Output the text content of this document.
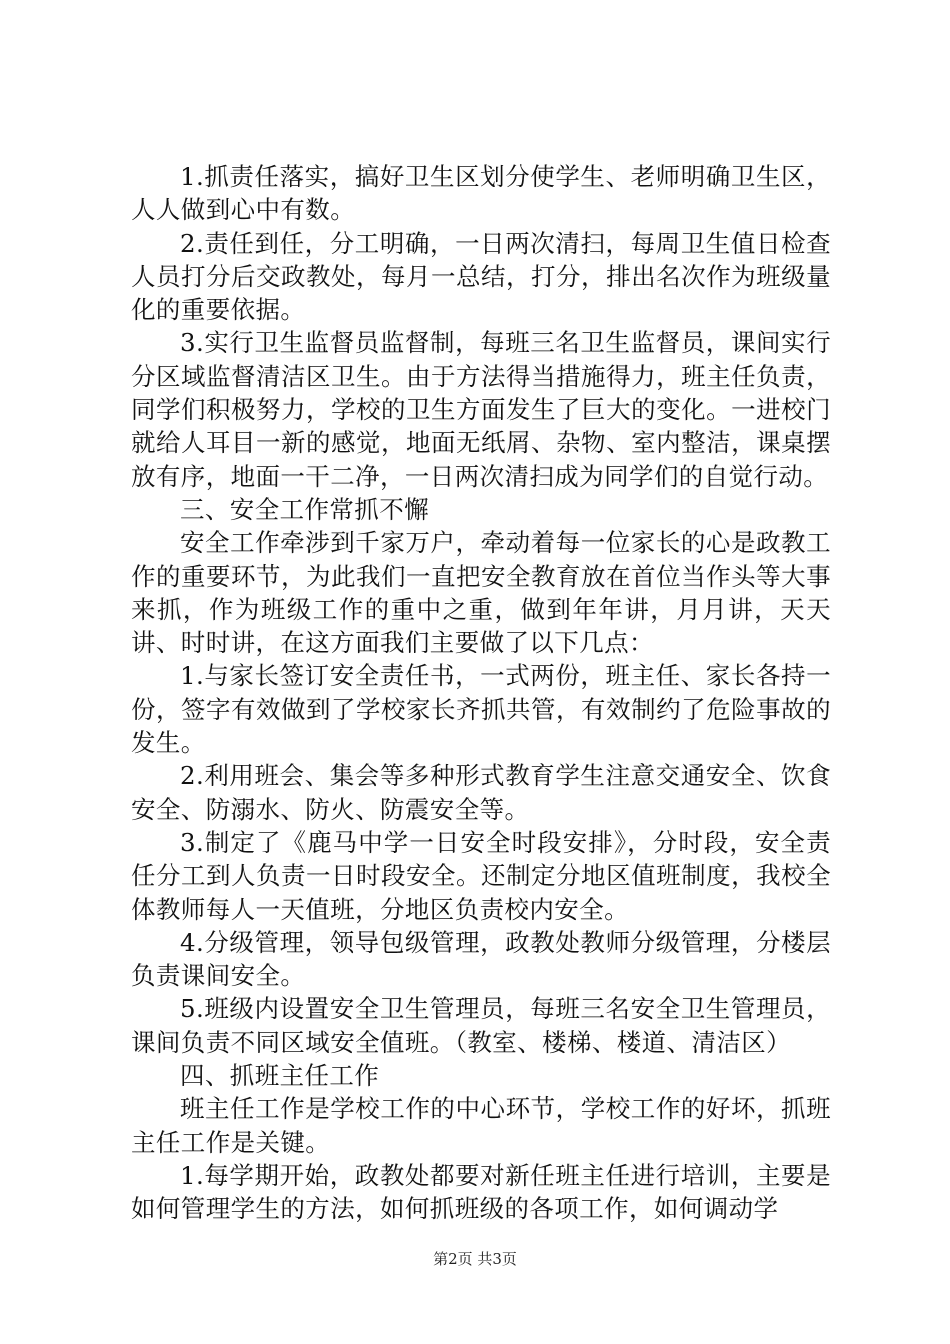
1.抓责任落实，搞好卫生区划分使学生、老师明确卫生区，人人做到心中有数。

2.责任到任，分工明确，一日两次清扫，每周卫生值日检查人员打分后交政教处，每月一总结，打分，排出名次作为班级量化的重要依据。

3.实行卫生监督员监督制，每班三名卫生监督员，课间实行分区域监督清洁区卫生。由于方法得当措施得力，班主任负责，同学们积极努力，学校的卫生方面发生了巨大的变化。一进校门就给人耳目一新的感觉，地面无纸屑、杂物、室内整洁，课桌摆放有序，地面一干二净，一日两次清扫成为同学们的自觉行动。

三、安全工作常抓不懈

安全工作牵涉到千家万户，牵动着每一位家长的心是政教工作的重要环节，为此我们一直把安全教育放在首位当作头等大事来抓，作为班级工作的重中之重，做到年年讲，月月讲，天天讲、时时讲，在这方面我们主要做了以下几点：

1.与家长签订安全责任书，一式两份，班主任、家长各持一份，签字有效做到了学校家长齐抓共管，有效制约了危险事故的发生。

2.利用班会、集会等多种形式教育学生注意交通安全、饮食安全、防溺水、防火、防震安全等。

3.制定了《鹿马中学一日安全时段安排》，分时段，安全责任分工到人负责一日时段安全。还制定分地区值班制度，我校全体教师每人一天值班，分地区负责校内安全。

4.分级管理，领导包级管理，政教处教师分级管理，分楼层负责课间安全。

5.班级内设置安全卫生管理员，每班三名安全卫生管理员，课间负责不同区域安全值班。（教室、楼梯、楼道、清洁区）

四、抓班主任工作

班主任工作是学校工作的中心环节，学校工作的好坏，抓班主任工作是关键。

1.每学期开始，政教处都要对新任班主任进行培训，主要是如何管理学生的方法，如何抓班级的各项工作，如何调动学

第2页 共3页
